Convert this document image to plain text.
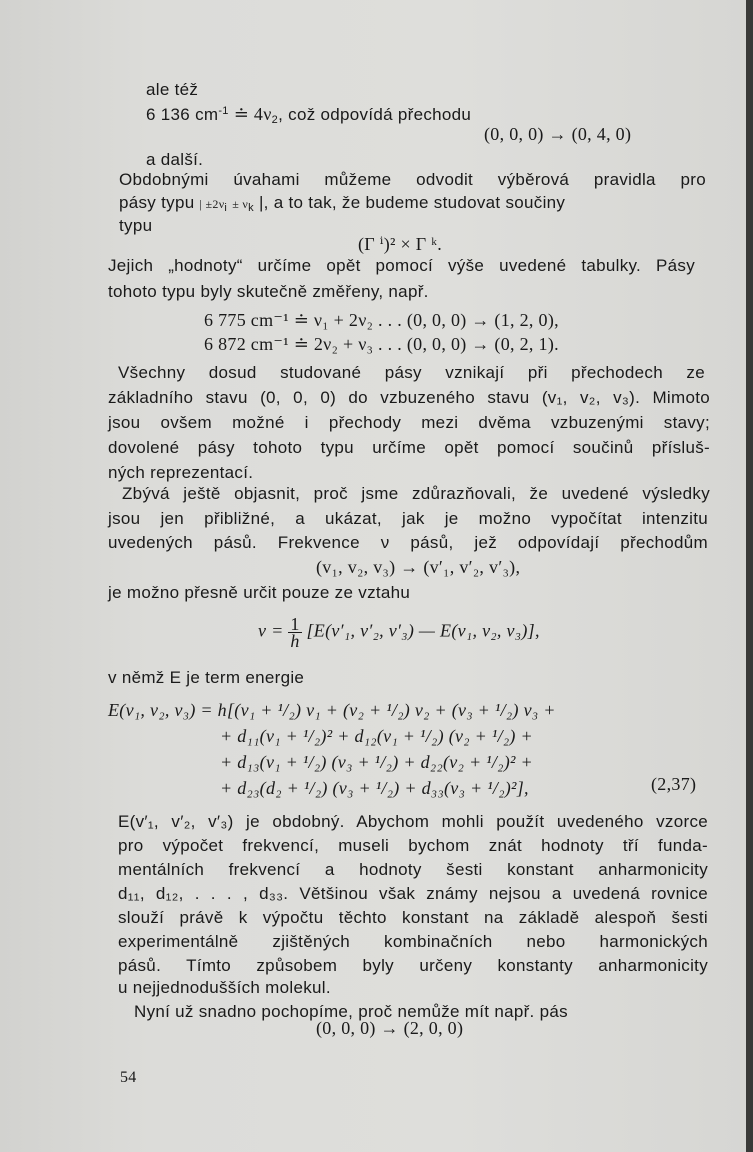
ale též
6 136 $cm^{-1}$ ≐ $4\nu_2$, což odpovídá přechodu
(0, 0, 0) → (0, 4, 0)
a další.
Obdobnými úvahami můžeme odvodit výběrová pravidla pro
pásy typu | $\pm 2\nu_i \pm \nu_k$ |, a to tak, že budeme studovat součiny
typu
(Γ ⁱ)² × Γ ᵏ.
Jejich „hodnoty“ určíme opět pomocí výše uvedené tabulky. Pásy
tohoto typu byly skutečně změřeny, např.
6 775 cm⁻¹ ≐ ν₁ + 2ν₂ . . . (0, 0, 0) → (1, 2, 0),
6 872 cm⁻¹ ≐ 2ν₂ + ν₃ . . . (0, 0, 0) → (0, 2, 1).
Všechny dosud studované pásy vznikají při přechodech ze
základního stavu (0, 0, 0) do vzbuzeného stavu (v₁, v₂, v₃). Mimoto
jsou ovšem možné i přechody mezi dvěma vzbuzenými stavy;
dovolené pásy tohoto typu určíme opět pomocí součinů přísluš-
ných reprezentací.
Zbývá ještě objasnit, proč jsme zdůrazňovali, že uvedené výsledky
jsou jen přibližné, a ukázat, jak je možno vypočítat intenzitu
uvedených pásů. Frekvence ν pásů, jež odpovídají přechodům
(v₁, v₂, v₃) → (v′₁, v′₂, v′₃),
je možno přesně určit pouze ze vztahu
$\nu = \frac{1}{h} [E(v'_1$, v′₂, v′₃) — E(v₁, v₂, v₃)],
v němž E je term energie
E(v₁, v₂, v₃) = h[(v₁ + ¹/₂) ν₁ + (v₂ + ¹/₂) ν₂ + (v₃ + ¹/₂) ν₃ +
+ d₁₁(v₁ + ¹/₂)² + d₁₂(v₁ + ¹/₂) (v₂ + ¹/₂) +
+ d₁₃(v₁ + ¹/₂) (v₃ + ¹/₂) + d₂₂(v₂ + ¹/₂)² +
+ d₂₃(d₂ + ¹/₂) (v₃ + ¹/₂) + d₃₃(v₃ + ¹/₂)²],	(2,37)
E(v′₁, v′₂, v′₃) je obdobný. Abychom mohli použít uvedeného vzorce
pro výpočet frekvencí, museli bychom znát hodnoty tří funda-
mentálních frekvencí a hodnoty šesti konstant anharmonicity
d₁₁, d₁₂, . . . , d₃₃. Většinou však známy nejsou a uvedená rovnice
slouží právě k výpočtu těchto konstant na základě alespoň šesti
experimentálně zjištěných kombinačních nebo harmonických
pásů. Tímto způsobem byly určeny konstanty anharmonicity
u nejjednodušších molekul.
Nyní už snadno pochopíme, proč nemůže mít např. pás
(0, 0, 0) → (2, 0, 0)
54
